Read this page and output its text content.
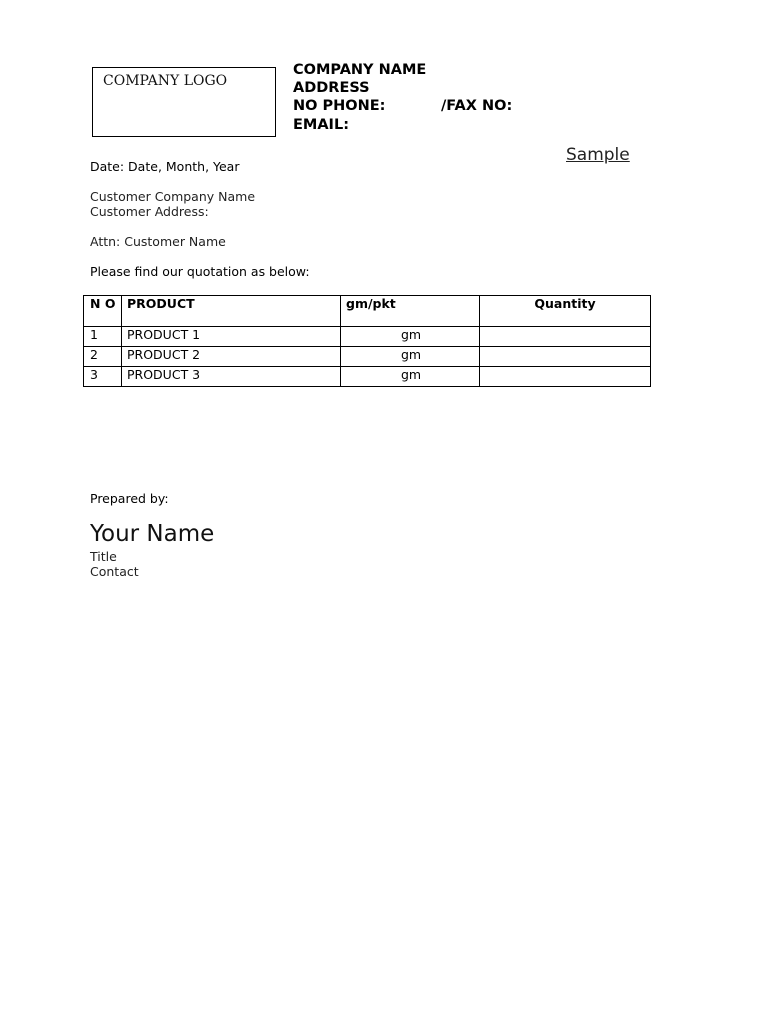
COMPANY LOGO
COMPANY NAME
ADDRESS
NO PHONE:	/FAX NO:
EMAIL:
Sample
Date: Date, Month, Year
Customer Company Name
Customer Address:
Attn: Customer Name
Please find our quotation as below:
N O	PRODUCT	gm/pkt	Quantity
1	PRODUCT 1	gm	
2	PRODUCT 2	gm	
3	PRODUCT 3	gm	
Prepared by:
Your Name
Title
Contact
